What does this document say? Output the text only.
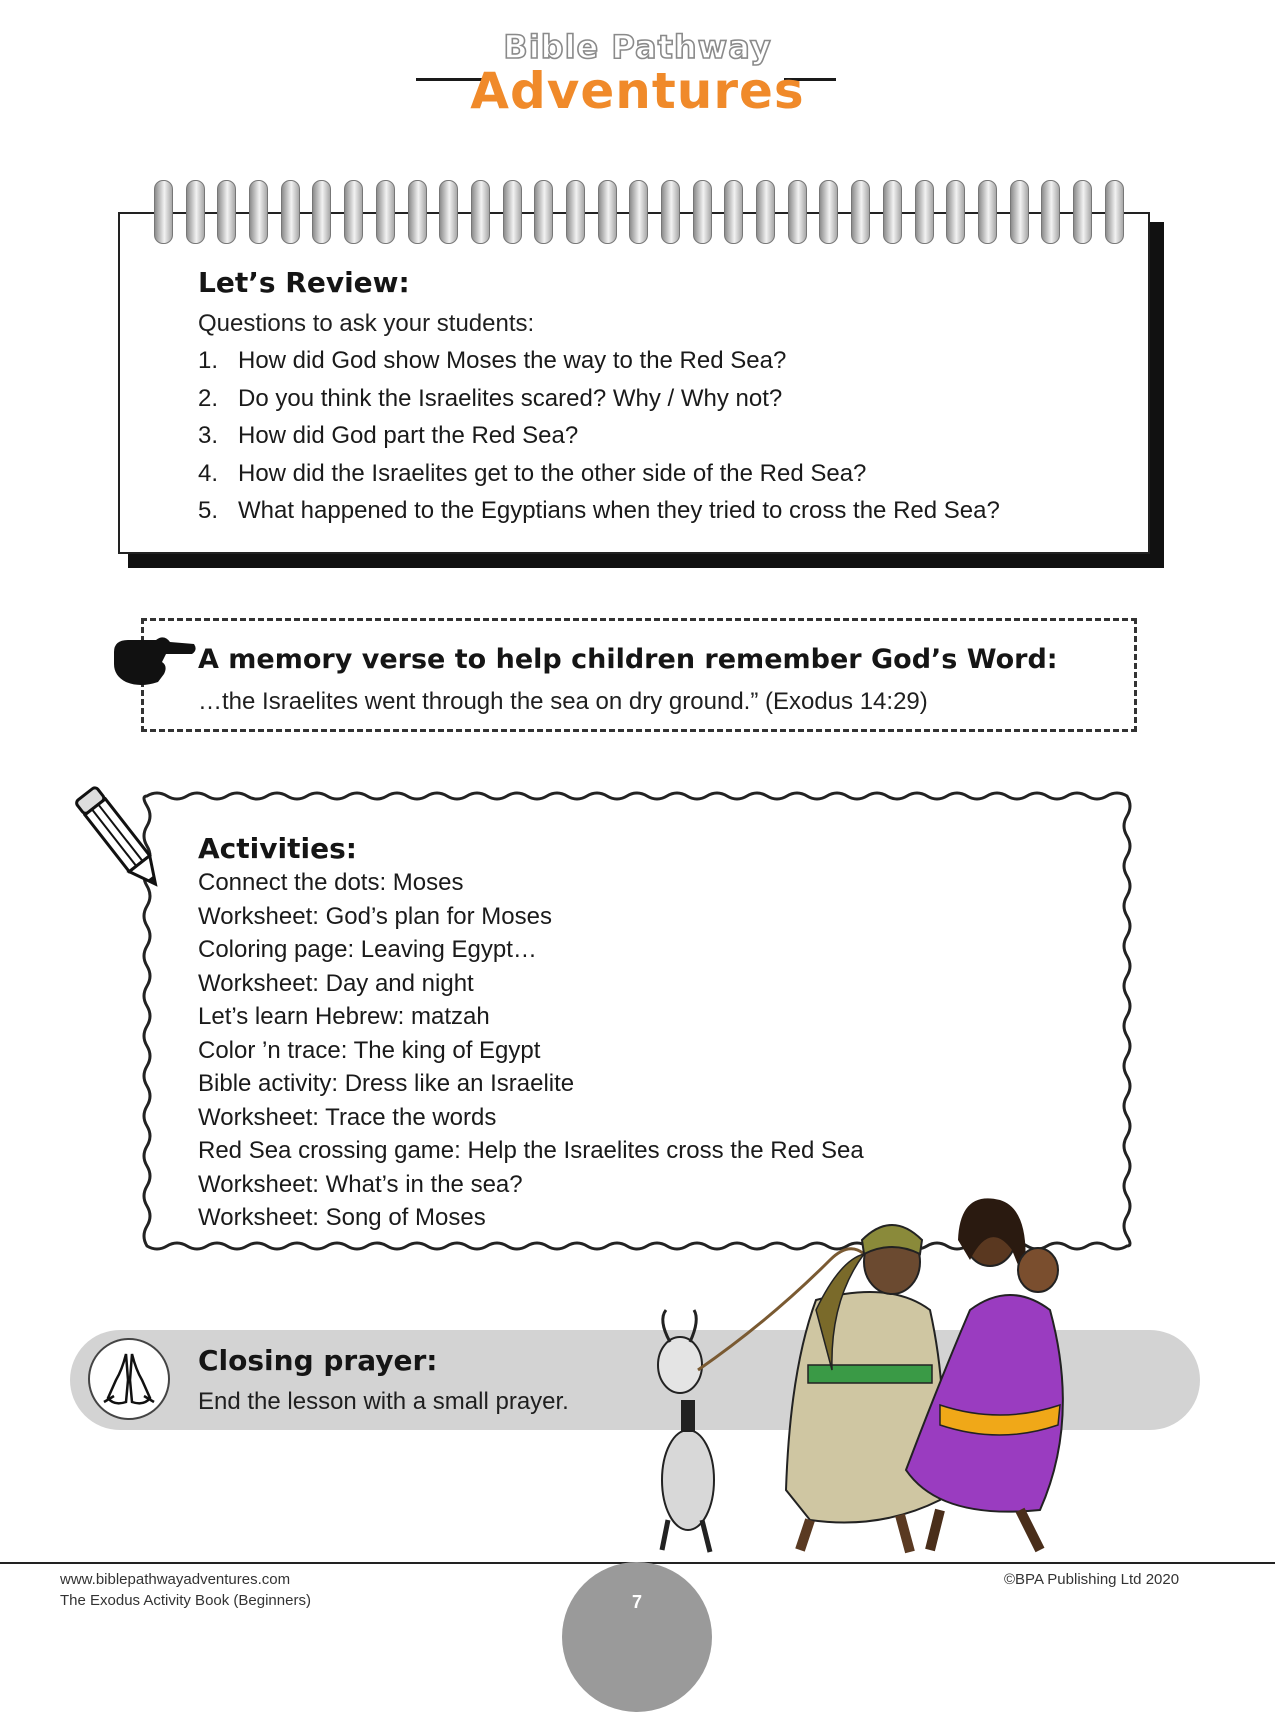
Bible Pathway
Adventures
Let’s Review:
Questions to ask your students:
1. How did God show Moses the way to the Red Sea?
2. Do you think the Israelites scared? Why / Why not?
3. How did God part the Red Sea?
4. How did the Israelites get to the other side of the Red Sea?
5. What happened to the Egyptians when they tried to cross the Red Sea?
A memory verse to help children remember God’s Word:
…the Israelites went through the sea on dry ground.” (Exodus 14:29)
Activities:
Connect the dots: Moses
Worksheet: God’s plan for Moses
Coloring page: Leaving Egypt…
Worksheet: Day and night
Let’s learn Hebrew: matzah
Color ’n trace: The king of Egypt
Bible activity: Dress like an Israelite
Worksheet: Trace the words
Red Sea crossing game: Help the Israelites cross the Red Sea
Worksheet: What’s in the sea?
Worksheet: Song of Moses
Closing prayer:
End the lesson with a small prayer.
www.biblepathwayadventures.com
The Exodus Activity Book (Beginners)
©BPA Publishing Ltd 2020
7
